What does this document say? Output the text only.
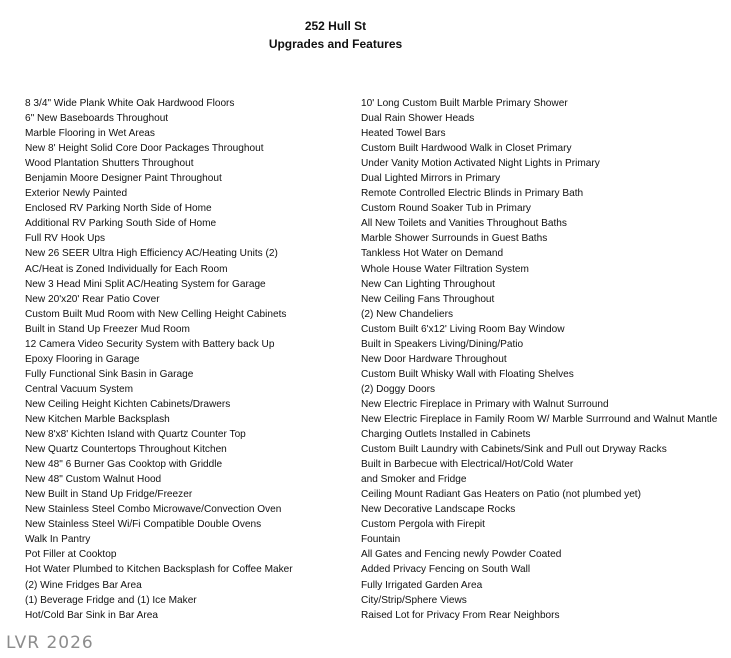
252 Hull St
Upgrades and Features
8 3/4" Wide Plank White Oak Hardwood Floors
6" New Baseboards Throughout
Marble Flooring in Wet Areas
New 8' Height Solid Core Door Packages Throughout
Wood Plantation Shutters Throughout
Benjamin Moore Designer Paint Throughout
Exterior Newly Painted
Enclosed RV Parking North Side of Home
Additional RV Parking South Side of Home
Full RV Hook Ups
New 26 SEER Ultra High Efficiency AC/Heating Units (2)
AC/Heat is Zoned Individually for Each Room
New 3 Head Mini Split AC/Heating System for Garage
New 20'x20' Rear Patio Cover
Custom Built Mud Room with New Celling Height Cabinets
Built in Stand Up Freezer Mud Room
12 Camera Video Security System with Battery back Up
Epoxy Flooring in Garage
Fully Functional Sink Basin in Garage
Central Vacuum System
New Ceiling Height Kichten Cabinets/Drawers
New Kitchen Marble Backsplash
New 8'x8' Kichten Island with Quartz Counter Top
New Quartz Countertops Throughout Kitchen
New 48" 6 Burner Gas Cooktop with Griddle
New 48" Custom Walnut Hood
New Built in Stand Up Fridge/Freezer
New Stainless Steel Combo Microwave/Convection Oven
New Stainless Steel Wi/Fi Compatible Double Ovens
Walk In Pantry
Pot Filler at Cooktop
Hot Water Plumbed to Kitchen Backsplash for Coffee Maker
(2) Wine Fridges Bar Area
(1) Beverage Fridge and (1) Ice Maker
Hot/Cold Bar Sink in Bar Area
10' Long Custom Built Marble Primary Shower
Dual Rain Shower Heads
Heated Towel Bars
Custom Built Hardwood Walk in Closet Primary
Under Vanity Motion Activated Night Lights in Primary
Dual Lighted Mirrors in Primary
Remote Controlled Electric Blinds in Primary Bath
Custom Round Soaker Tub in Primary
All New Toilets and Vanities Throughout Baths
Marble Shower Surrounds in Guest Baths
Tankless Hot Water on Demand
Whole House Water Filtration System
New Can Lighting Throughout
New Ceiling Fans Throughout
(2) New Chandeliers
Custom Built 6'x12' Living Room Bay Window
Built in Speakers Living/Dining/Patio
New Door Hardware Throughout
Custom Built Whisky Wall with Floating Shelves
(2) Doggy Doors
New Electric Fireplace in Primary with Walnut Surround
New Electric Fireplace in Family Room W/ Marble Surrround and Walnut Mantle
Charging Outlets Installed in Cabinets
Custom Built Laundry with Cabinets/Sink and Pull out Dryway Racks
Built in Barbecue with Electrical/Hot/Cold Water
and Smoker and Fridge
Ceiling Mount Radiant Gas Heaters on Patio (not plumbed yet)
New Decorative Landscape Rocks
Custom Pergola with Firepit
Fountain
All Gates and Fencing newly Powder Coated
Added Privacy Fencing on South Wall
Fully Irrigated Garden Area
City/Strip/Sphere Views
Raised Lot for Privacy From Rear Neighbors
LVR 2026
